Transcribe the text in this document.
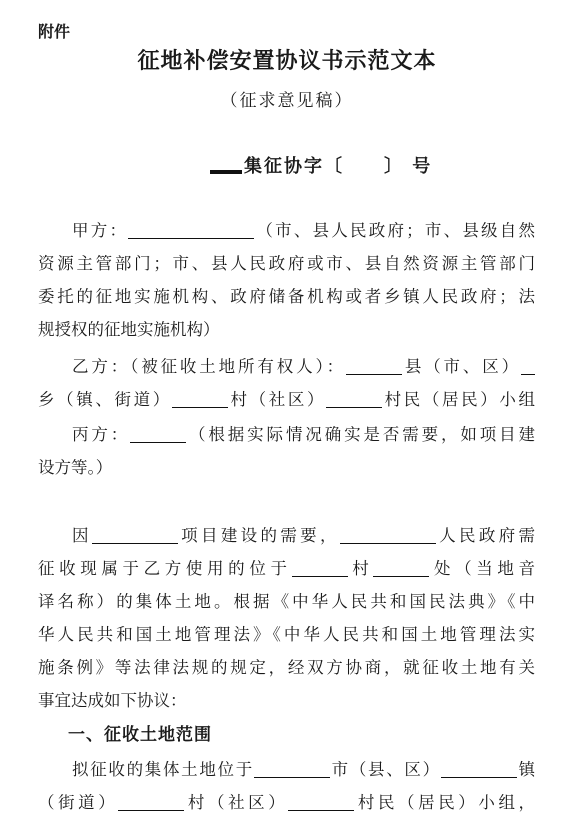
附件
征地补偿安置协议书示范文本
（征求意见稿）
集征协字〔　　〕 号
甲方：	（市、县人民政府；市、县级自然
资源主管部门；市、县人民政府或市、县自然资源主管部门
委托的征地实施机构、政府储备机构或者乡镇人民政府；法
规授权的征地实施机构）
乙方：（被征收土地所有权人）：	县（市、区）
乡（镇、街道）	村（社区）	村民（居民）小组
丙方：	（根据实际情况确实是否需要，如项目建
设方等。）
因	项目建设的需要，	人民政府需
征收现属于乙方使用的位于	村	处（当地音
译名称）的集体土地。根据《中华人民共和国民法典》《中
华人民共和国土地管理法》《中华人民共和国土地管理法实
施条例》等法律法规的规定，经双方协商，就征收土地有关
事宜达成如下协议：
一、征收土地范围
拟征收的集体土地位于	市（县、区）	镇
（街道）	村（社区）	村民（居民）小组，
